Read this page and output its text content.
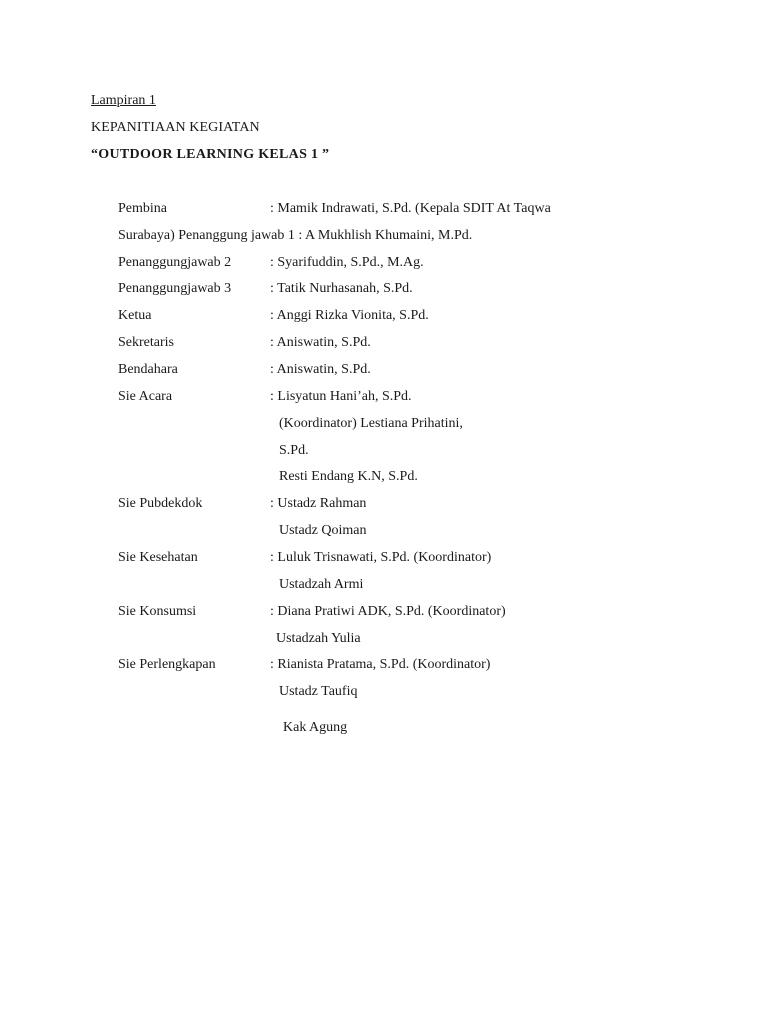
Lampiran 1
KEPANITIAAN KEGIATAN
“OUTDOOR LEARNING KELAS 1 ”
Pembina	: Mamik Indrawati, S.Pd. (Kepala SDIT At Taqwa
Surabaya) Penanggung jawab 1 : A Mukhlish Khumaini, M.Pd.
Penanggungjawab 2	: Syarifuddin, S.Pd., M.Ag.
Penanggungjawab 3	: Tatik Nurhasanah, S.Pd.
Ketua	: Anggi Rizka Vionita, S.Pd.
Sekretaris	: Aniswatin, S.Pd.
Bendahara	: Aniswatin, S.Pd.
Sie Acara	: Lisyatun Hani’ah, S.Pd.
(Koordinator) Lestiana Prihatini,
S.Pd.
Resti Endang K.N, S.Pd.
Sie Pubdekdok	: Ustadz Rahman
Ustadz Qoiman
Sie Kesehatan	: Luluk Trisnawati, S.Pd. (Koordinator)
Ustadzah Armi
Sie Konsumsi	: Diana Pratiwi ADK, S.Pd. (Koordinator)
Ustadzah Yulia
Sie Perlengkapan	: Rianista Pratama, S.Pd. (Koordinator)
Ustadz Taufiq
Kak Agung
